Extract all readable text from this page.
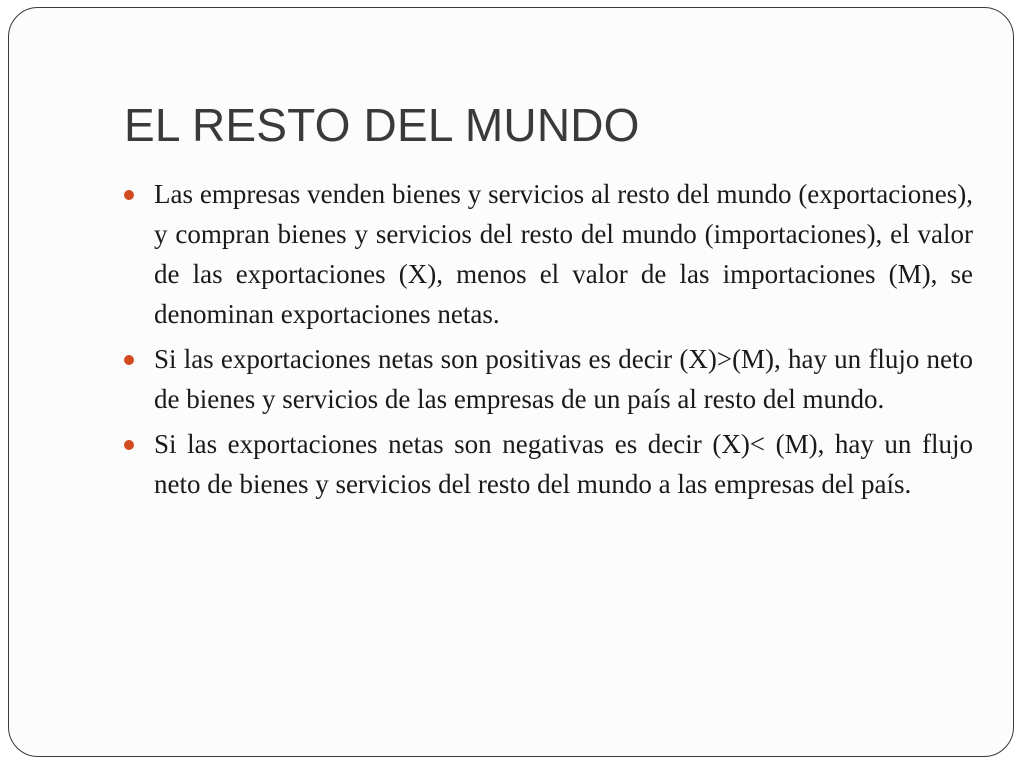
EL RESTO DEL MUNDO
Las empresas venden bienes y servicios al resto del mundo (exportaciones), y compran bienes y servicios del resto del mundo (importaciones), el valor de las exportaciones (X), menos el valor de las importaciones (M), se denominan exportaciones netas.
Si las exportaciones netas son positivas es decir (X)>(M), hay un flujo neto de bienes y servicios de las empresas de un país al resto del mundo.
Si las exportaciones netas son negativas es decir (X)< (M), hay un flujo neto de bienes y servicios del resto del mundo a las empresas del país.
